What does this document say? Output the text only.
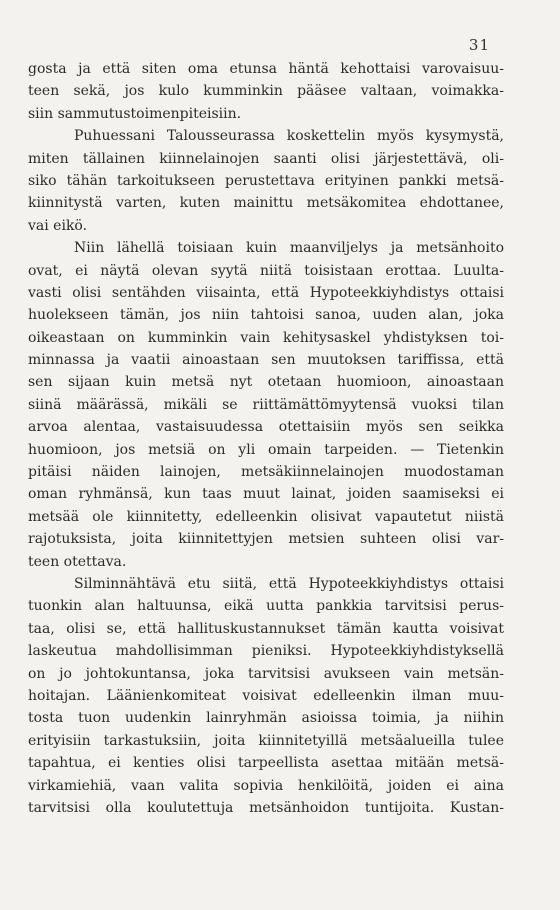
31
gosta ja että siten oma etunsa häntä kehottaisi varovaisuu-
teen sekä, jos kulo kumminkin pääsee valtaan, voimakka-
siin sammutustoimenpiteisiin.
Puhuessani Talousseurassa koskettelin myös kysymystä,
miten tällainen kiinnelainojen saanti olisi järjestettävä, oli-
siko tähän tarkoitukseen perustettava erityinen pankki metsä-
kiinnitystä varten, kuten mainittu metsäkomitea ehdottanee,
vai eikö.
Niin lähellä toisiaan kuin maanviljelys ja metsänhoito
ovat, ei näytä olevan syytä niitä toisistaan erottaa. Luulta-
vasti olisi sentähden viisainta, että Hypoteekkiyhdistys ottaisi
huolekseen tämän, jos niin tahtoisi sanoa, uuden alan, joka
oikeastaan on kumminkin vain kehitysaskel yhdistyksen toi-
minnassa ja vaatii ainoastaan sen muutoksen tariffissa, että
sen sijaan kuin metsä nyt otetaan huomioon, ainoastaan
siinä määrässä, mikäli se riittämättömyytensä vuoksi tilan
arvoa alentaa, vastaisuudessa otettaisiin myös sen seikka
huomioon, jos metsiä on yli omain tarpeiden. — Tietenkin
pitäisi näiden lainojen, metsäkiinnelainojen muodostaman
oman ryhmänsä, kun taas muut lainat, joiden saamiseksi ei
metsää ole kiinnitetty, edelleenkin olisivat vapautetut niistä
rajotuksista, joita kiinnitettyjen metsien suhteen olisi var-
teen otettava.
Silminnähtävä etu siitä, että Hypoteekkiyhdistys ottaisi
tuonkin alan haltuunsa, eikä uutta pankkia tarvitsisi perus-
taa, olisi se, että hallituskustannukset tämän kautta voisivat
laskeutua mahdollisimman pieniksi. Hypoteekkiyhdistyksellä
on jo johtokuntansa, joka tarvitsisi avukseen vain metsän-
hoitajan. Läänienkomiteat voisivat edelleenkin ilman muu-
tosta tuon uudenkin lainryhmän asioissa toimia, ja niihin
erityisiin tarkastuksiin, joita kiinnitetyillä metsäalueilla tulee
tapahtua, ei kenties olisi tarpeellista asettaa mitään metsä-
virkamiehiä, vaan valita sopivia henkilöitä, joiden ei aina
tarvitsisi olla koulutettuja metsänhoidon tuntijoita. Kustan-
